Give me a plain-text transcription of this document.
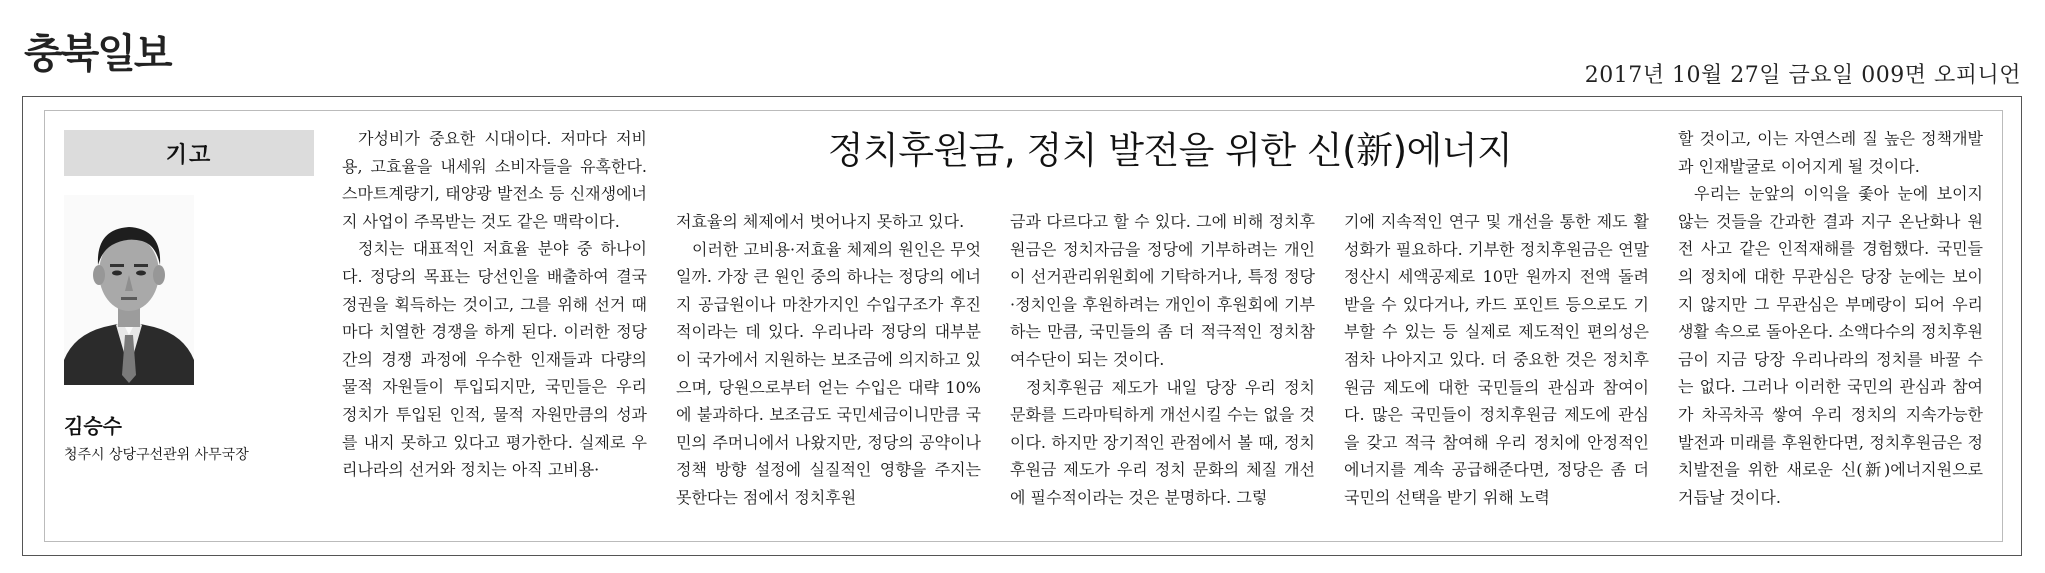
충북일보	2017년 10월 27일 금요일 009면 오피니언
기고
김승수
청주시 상당구선관위 사무국장
정치후원금, 정치 발전을 위한 신(新)에너지

가성비가 중요한 시대이다. 저마다 저비용, 고효율을 내세워 소비자들을 유혹한다. 스마트계량기, 태양광 발전소 등 신재생에너지 사업이 주목받는 것도 같은 맥락이다.

정치는 대표적인 저효율 분야 중 하나이다. 정당의 목표는 당선인을 배출하여 결국 정권을 획득하는 것이고, 그를 위해 선거 때마다 치열한 경쟁을 하게 된다. 이러한 정당 간의 경쟁 과정에 우수한 인재들과 다량의 물적 자원들이 투입되지만, 국민들은 우리 정치가 투입된 인적, 물적 자원만큼의 성과를 내지 못하고 있다고 평가한다. 실제로 우리나라의 선거와 정치는 아직 고비용·

저효율의 체제에서 벗어나지 못하고 있다.

이러한 고비용·저효율 체제의 원인은 무엇일까. 가장 큰 원인 중의 하나는 정당의 에너지 공급원이나 마찬가지인 수입구조가 후진적이라는 데 있다. 우리나라 정당의 대부분이 국가에서 지원하는 보조금에 의지하고 있으며, 당원으로부터 얻는 수입은 대략 10%에 불과하다. 보조금도 국민세금이니만큼 국민의 주머니에서 나왔지만, 정당의 공약이나 정책 방향 설정에 실질적인 영향을 주지는 못한다는 점에서 정치후원

금과 다르다고 할 수 있다. 그에 비해 정치후원금은 정치자금을 정당에 기부하려는 개인이 선거관리위원회에 기탁하거나, 특정 정당·정치인을 후원하려는 개인이 후원회에 기부하는 만큼, 국민들의 좀 더 적극적인 정치참여수단이 되는 것이다.

정치후원금 제도가 내일 당장 우리 정치 문화를 드라마틱하게 개선시킬 수는 없을 것이다. 하지만 장기적인 관점에서 볼 때, 정치후원금 제도가 우리 정치 문화의 체질 개선에 필수적이라는 것은 분명하다. 그렇

기에 지속적인 연구 및 개선을 통한 제도 활성화가 필요하다. 기부한 정치후원금은 연말정산시 세액공제로 10만 원까지 전액 돌려받을 수 있다거나, 카드 포인트 등으로도 기부할 수 있는 등 실제로 제도적인 편의성은 점차 나아지고 있다. 더 중요한 것은 정치후원금 제도에 대한 국민들의 관심과 참여이다. 많은 국민들이 정치후원금 제도에 관심을 갖고 적극 참여해 우리 정치에 안정적인 에너지를 계속 공급해준다면, 정당은 좀 더 국민의 선택을 받기 위해 노력

할 것이고, 이는 자연스레 질 높은 정책개발과 인재발굴로 이어지게 될 것이다.

우리는 눈앞의 이익을 좇아 눈에 보이지 않는 것들을 간과한 결과 지구 온난화나 원전 사고 같은 인적재해를 경험했다. 국민들의 정치에 대한 무관심은 당장 눈에는 보이지 않지만 그 무관심은 부메랑이 되어 우리 생활 속으로 돌아온다. 소액다수의 정치후원금이 지금 당장 우리나라의 정치를 바꿀 수는 없다. 그러나 이러한 국민의 관심과 참여가 차곡차곡 쌓여 우리 정치의 지속가능한 발전과 미래를 후원한다면, 정치후원금은 정치발전을 위한 새로운 신(新)에너지원으로 거듭날 것이다.
